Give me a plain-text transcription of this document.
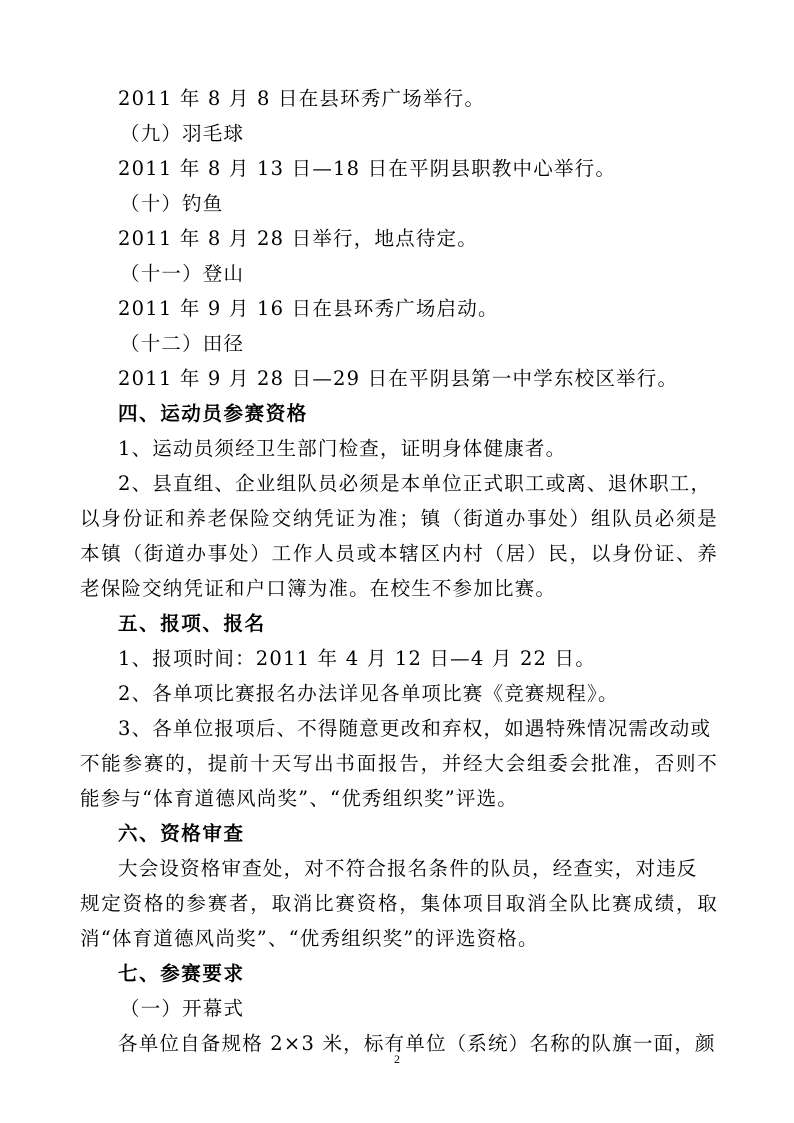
2011 年 8 月 8 日在县环秀广场举行。
（九）羽毛球
2011 年 8 月 13 日—18 日在平阴县职教中心举行。
（十）钓鱼
2011 年 8 月 28 日举行，地点待定。
（十一）登山
2011 年 9 月 16 日在县环秀广场启动。
（十二）田径
2011 年 9 月 28 日—29 日在平阴县第一中学东校区举行。
四、运动员参赛资格
1、运动员须经卫生部门检查，证明身体健康者。
2、县直组、企业组队员必须是本单位正式职工或离、退休职工，
以身份证和养老保险交纳凭证为准；镇（街道办事处）组队员必须是
本镇（街道办事处）工作人员或本辖区内村（居）民，以身份证、养
老保险交纳凭证和户口簿为准。在校生不参加比赛。
五、报项、报名
1、报项时间：2011 年 4 月 12 日—4 月 22 日。
2、各单项比赛报名办法详见各单项比赛《竞赛规程》。
3、各单位报项后、不得随意更改和弃权，如遇特殊情况需改动或
不能参赛的，提前十天写出书面报告，并经大会组委会批准，否则不
能参与“体育道德风尚奖”、“优秀组织奖”评选。
六、资格审查
大会设资格审查处，对不符合报名条件的队员，经查实，对违反
规定资格的参赛者，取消比赛资格，集体项目取消全队比赛成绩，取
消“体育道德风尚奖”、“优秀组织奖”的评选资格。
七、参赛要求
（一）开幕式
各单位自备规格 2×3 米，标有单位（系统）名称的队旗一面，颜
2
